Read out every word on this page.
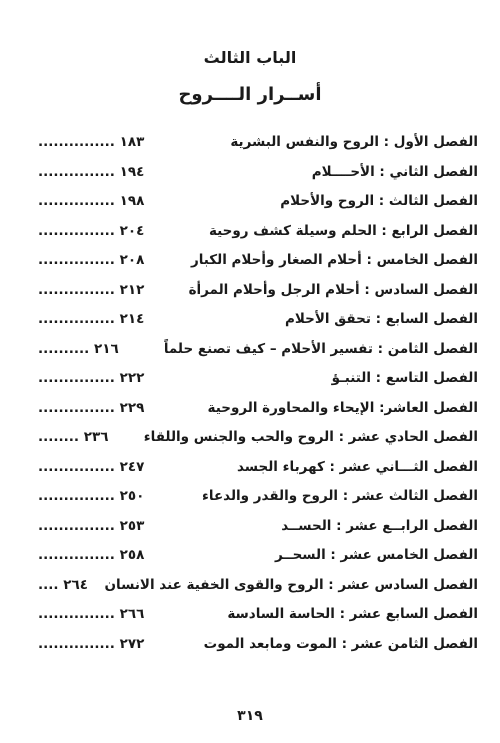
الباب الثالث
أســرار الــــروح
الفصل الأول : الروح والنفس البشرية
١٨٣ ...............
الفصل الثاني : الأحــــلام
١٩٤ ...............
الفصل الثالث : الروح والأحلام
١٩٨ ...............
الفصل الرابع : الحلم وسيلة كشف روحية
٢٠٤ ...............
الفصل الخامس : أحلام الصغار وأحلام الكبار
٢٠٨ ...............
الفصل السادس : أحلام الرجل وأحلام المرأة
٢١٢ ...............
الفصل السابع : تحقق الأحلام
٢١٤ ...............
الفصل الثامن : تفسير الأحلام – كيف تصنع حلماً
٢١٦ ..........
الفصل التاسع : التنبـؤ
٢٢٢ ...............
الفصل العاشر: الإيحاء والمحاورة الروحية
٢٢٩ ...............
الفصل الحادي عشر : الروح والحب والجنس واللقاء
٢٣٦ ........
الفصل الثـــاني عشر : كهرباء الجسد
٢٤٧ ...............
الفصل الثالث عشر : الروح والقدر والدعاء
٢٥٠ ...............
الفصل الرابــع عشر : الحســد
٢٥٣ ...............
الفصل الخامس عشر : السحــر
٢٥٨ ...............
الفصل السادس عشر : الروح والقوى الخفية عند الانسان
٢٦٤ ....
الفصل السابع عشر : الحاسة السادسة
٢٦٦ ...............
الفصل الثامن عشر : الموت ومابعد الموت
٢٧٢ ...............
٣١٩
